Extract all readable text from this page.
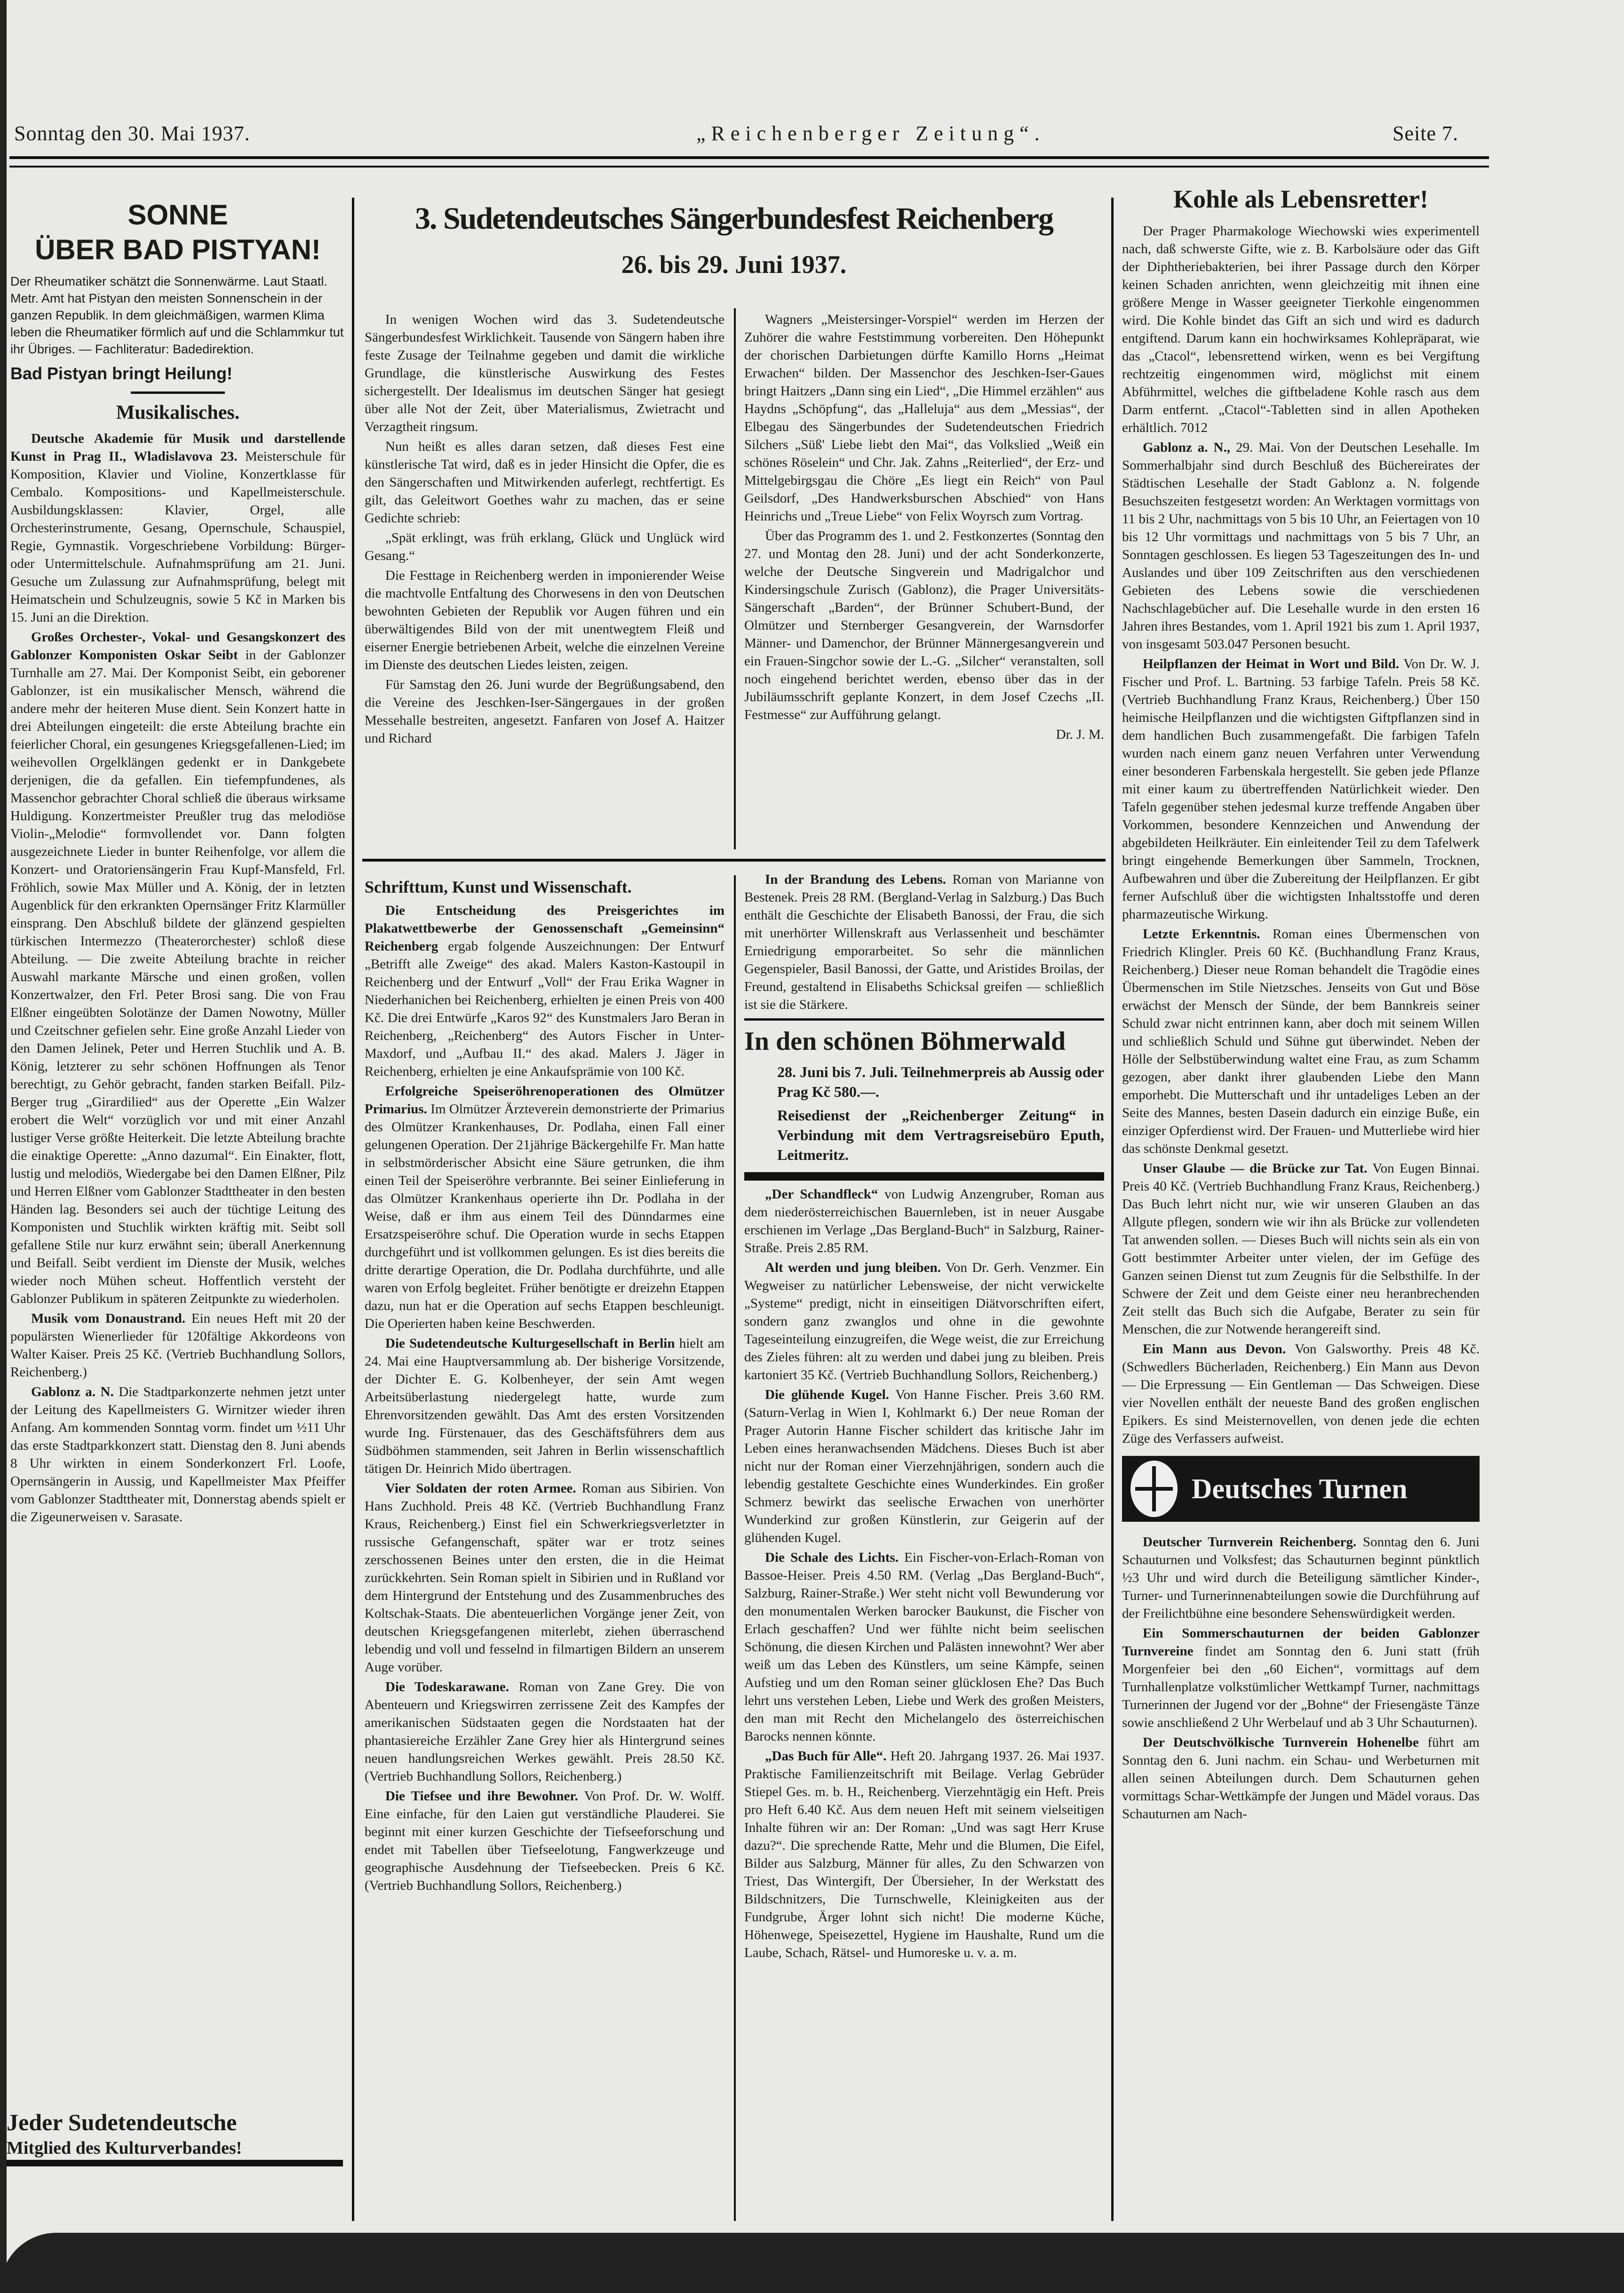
Sonntag den 30. Mai 1937.	„Reichenberger Zeitung“.	Seite 7.
SONNE
ÜBER BAD PISTYAN!
Der Rheumatiker schätzt die Sonnenwärme. Laut Staatl. Metr. Amt hat Pistyan den meisten Sonnenschein in der ganzen Republik. In dem gleichmäßigen, warmen Klima leben die Rheumatiker förmlich auf und die Schlammkur tut ihr Übriges. — Fachliteratur: Badedirektion.
Bad Pistyan bringt Heilung!
Musikalisches.

Deutsche Akademie für Musik und darstellende Kunst in Prag II., Wladislavova 23. Meisterschule für Komposition, Klavier und Violine, Konzertklasse für Cembalo. Kompositions- und Kapellmeisterschule. Ausbildungsklassen: Klavier, Orgel, alle Orchesterinstrumente, Gesang, Opernschule, Schauspiel, Regie, Gymnastik. Vorgeschriebene Vorbildung: Bürger- oder Untermittelschule. Aufnahmsprüfung am 21. Juni. Gesuche um Zulassung zur Aufnahmsprüfung, belegt mit Heimatschein und Schulzeugnis, sowie 5 Kč in Marken bis 15. Juni an die Direktion.

Großes Orchester-, Vokal- und Gesangskonzert des Gablonzer Komponisten Oskar Seibt in der Gablonzer Turnhalle am 27. Mai. Der Komponist Seibt, ein geborener Gablonzer, ist ein musikalischer Mensch, während die andere mehr der heiteren Muse dient. Sein Konzert hatte in drei Abteilungen eingeteilt: die erste Abteilung brachte ein feierlicher Choral, ein gesungenes Kriegsgefallenen-Lied; im weihevollen Orgelklängen gedenkt er in Dankgebete derjenigen, die da gefallen. Ein tiefempfundenes, als Massenchor gebrachter Choral schließ die überaus wirksame Huldigung. Konzertmeister Preußler trug das melodiöse Violin-„Melodie“ formvollendet vor. Dann folgten ausgezeichnete Lieder in bunter Reihenfolge, vor allem die Konzert- und Oratoriensängerin Frau Kupf-Mansfeld, Frl. Fröhlich, sowie Max Müller und A. König, der in letzten Augenblick für den erkrankten Opernsänger Fritz Klarmüller einsprang. Den Abschluß bildete der glänzend gespielten türkischen Intermezzo (Theaterorchester) schloß diese Abteilung. — Die zweite Abteilung brachte in reicher Auswahl markante Märsche und einen großen, vollen Konzertwalzer, den Frl. Peter Brosi sang. Die von Frau Elßner eingeübten Solotänze der Damen Nowotny, Müller und Czeitschner gefielen sehr. Eine große Anzahl Lieder von den Damen Jelinek, Peter und Herren Stuchlik und A. B. König, letzterer zu sehr schönen Hoffnungen als Tenor berechtigt, zu Gehör gebracht, fanden starken Beifall. Pilz-Berger trug „Girardilied“ aus der Operette „Ein Walzer erobert die Welt“ vorzüglich vor und mit einer Anzahl lustiger Verse größte Heiterkeit. Die letzte Abteilung brachte die einaktige Operette: „Anno dazumal“. Ein Einakter, flott, lustig und melodiös, Wiedergabe bei den Damen Elßner, Pilz und Herren Elßner vom Gablonzer Stadttheater in den besten Händen lag. Besonders sei auch der tüchtige Leitung des Komponisten und Stuchlik wirkten kräftig mit. Seibt soll gefallene Stile nur kurz erwähnt sein; überall Anerkennung und Beifall. Seibt verdient im Dienste der Musik, welches wieder noch Mühen scheut. Hoffentlich versteht der Gablonzer Publikum in späteren Zeitpunkte zu wiederholen.

Musik vom Donaustrand. Ein neues Heft mit 20 der populärsten Wienerlieder für 120fältige Akkordeons von Walter Kaiser. Preis 25 Kč. (Vertrieb Buchhandlung Sollors, Reichenberg.)

Gablonz a. N. Die Stadtparkonzerte nehmen jetzt unter der Leitung des Kapellmeisters G. Wirnitzer wieder ihren Anfang. Am kommenden Sonntag vorm. findet um ½11 Uhr das erste Stadtparkkonzert statt. Dienstag den 8. Juni abends 8 Uhr wirkten in einem Sonderkonzert Frl. Loofe, Opernsängerin in Aussig, und Kapellmeister Max Pfeiffer vom Gablonzer Stadttheater mit, Donnerstag abends spielt er die Zigeunerweisen v. Sarasate.

Jeder Sudetendeutsche
Mitglied des Kulturverbandes!
3. Sudetendeutsches Sängerbundesfest Reichenberg
26. bis 29. Juni 1937.

In wenigen Wochen wird das 3. Sudetendeutsche Sängerbundesfest Wirklichkeit. Tausende von Sängern haben ihre feste Zusage der Teilnahme gegeben und damit die wirkliche Grundlage, die künstlerische Auswirkung des Festes sichergestellt. Der Idealismus im deutschen Sänger hat gesiegt über alle Not der Zeit, über Materialismus, Zwietracht und Verzagtheit ringsum.

Nun heißt es alles daran setzen, daß dieses Fest eine künstlerische Tat wird, daß es in jeder Hinsicht die Opfer, die es den Sängerschaften und Mitwirkenden auferlegt, rechtfertigt. Es gilt, das Geleitwort Goethes wahr zu machen, das er seine Gedichte schrieb:

„Spät erklingt, was früh erklang, Glück und Unglück wird Gesang.“

Die Festtage in Reichenberg werden in imponierender Weise die machtvolle Entfaltung des Chorwesens in den von Deutschen bewohnten Gebieten der Republik vor Augen führen und ein überwältigendes Bild von der mit unentwegtem Fleiß und eiserner Energie betriebenen Arbeit, welche die einzelnen Vereine im Dienste des deutschen Liedes leisten, zeigen.

Für Samstag den 26. Juni wurde der Begrüßungsabend, den die Vereine des Jeschken-Iser-Sängergaues in der großen Messehalle bestreiten, angesetzt. Fanfaren von Josef A. Haitzer und Richard

Wagners „Meistersinger-Vorspiel“ werden im Herzen der Zuhörer die wahre Feststimmung vorbereiten. Den Höhepunkt der chorischen Darbietungen dürfte Kamillo Horns „Heimat Erwachen“ bilden. Der Massenchor des Jeschken-Iser-Gaues bringt Haitzers „Dann sing ein Lied“, „Die Himmel erzählen“ aus Haydns „Schöpfung“, das „Halleluja“ aus dem „Messias“, der Elbegau des Sängerbundes der Sudetendeutschen Friedrich Silchers „Süß' Liebe liebt den Mai“, das Volkslied „Weiß ein schönes Röselein“ und Chr. Jak. Zahns „Reiterlied“, der Erz- und Mittelgebirgsgau die Chöre „Es liegt ein Reich“ von Paul Geilsdorf, „Des Handwerksburschen Abschied“ von Hans Heinrichs und „Treue Liebe“ von Felix Woyrsch zum Vortrag.

Über das Programm des 1. und 2. Festkonzertes (Sonntag den 27. und Montag den 28. Juni) und der acht Sonderkonzerte, welche der Deutsche Singverein und Madrigalchor und Kindersingschule Zurisch (Gablonz), die Prager Universitäts-Sängerschaft „Barden“, der Brünner Schubert-Bund, der Olmützer und Sternberger Gesangverein, der Warnsdorfer Männer- und Damenchor, der Brünner Männergesangverein und ein Frauen-Singchor sowie der L.-G. „Silcher“ veranstalten, soll noch eingehend berichtet werden, ebenso über das in der Jubiläumsschrift geplante Konzert, in dem Josef Czechs „II. Festmesse“ zur Aufführung gelangt.

Dr. J. M.

Schrifttum, Kunst und Wissenschaft.

Die Entscheidung des Preisgerichtes im Plakatwettbewerbe der Genossenschaft „Gemeinsinn“ Reichenberg ergab folgende Auszeichnungen: Der Entwurf „Betrifft alle Zweige“ des akad. Malers Kaston-Kastoupil in Reichenberg und der Entwurf „Voll“ der Frau Erika Wagner in Niederhanichen bei Reichenberg, erhielten je einen Preis von 400 Kč. Die drei Entwürfe „Karos 92“ des Kunstmalers Jaro Beran in Reichenberg, „Reichenberg“ des Autors Fischer in Unter-Maxdorf, und „Aufbau II.“ des akad. Malers J. Jäger in Reichenberg, erhielten je eine Ankaufsprämie von 100 Kč.

Erfolgreiche Speiseröhrenoperationen des Olmützer Primarius. Im Olmützer Ärzteverein demonstrierte der Primarius des Olmützer Krankenhauses, Dr. Podlaha, einen Fall einer gelungenen Operation. Der 21jährige Bäckergehilfe Fr. Man hatte in selbstmörderischer Absicht eine Säure getrunken, die ihm einen Teil der Speiseröhre verbrannte. Bei seiner Einlieferung in das Olmützer Krankenhaus operierte ihn Dr. Podlaha in der Weise, daß er ihm aus einem Teil des Dünndarmes eine Ersatzspeiseröhre schuf. Die Operation wurde in sechs Etappen durchgeführt und ist vollkommen gelungen. Es ist dies bereits die dritte derartige Operation, die Dr. Podlaha durchführte, und alle waren von Erfolg begleitet. Früher benötigte er dreizehn Etappen dazu, nun hat er die Operation auf sechs Etappen beschleunigt. Die Operierten haben keine Beschwerden.

Die Sudetendeutsche Kulturgesellschaft in Berlin hielt am 24. Mai eine Hauptversammlung ab. Der bisherige Vorsitzende, der Dichter E. G. Kolbenheyer, der sein Amt wegen Arbeitsüberlastung niedergelegt hatte, wurde zum Ehrenvorsitzenden gewählt. Das Amt des ersten Vorsitzenden wurde Ing. Fürstenauer, das des Geschäftsführers dem aus Südböhmen stammenden, seit Jahren in Berlin wissenschaftlich tätigen Dr. Heinrich Mido übertragen.

Vier Soldaten der roten Armee. Roman aus Sibirien. Von Hans Zuchhold. Preis 48 Kč. (Vertrieb Buchhandlung Franz Kraus, Reichenberg.) Einst fiel ein Schwerkriegsverletzter in russische Gefangenschaft, später war er trotz seines zerschossenen Beines unter den ersten, die in die Heimat zurückkehrten. Sein Roman spielt in Sibirien und in Rußland vor dem Hintergrund der Entstehung und des Zusammenbruches des Koltschak-Staats. Die abenteuerlichen Vorgänge jener Zeit, von deutschen Kriegsgefangenen miterlebt, ziehen überraschend lebendig und voll und fesselnd in filmartigen Bildern an unserem Auge vorüber.

Die Todeskarawane. Roman von Zane Grey. Die von Abenteuern und Kriegswirren zerrissene Zeit des Kampfes der amerikanischen Südstaaten gegen die Nordstaaten hat der phantasiereiche Erzähler Zane Grey hier als Hintergrund seines neuen handlungsreichen Werkes gewählt. Preis 28.50 Kč. (Vertrieb Buchhandlung Sollors, Reichenberg.)

Die Tiefsee und ihre Bewohner. Von Prof. Dr. W. Wolff. Eine einfache, für den Laien gut verständliche Plauderei. Sie beginnt mit einer kurzen Geschichte der Tiefseeforschung und endet mit Tabellen über Tiefseelotung, Fangwerkzeuge und geographische Ausdehnung der Tiefseebecken. Preis 6 Kč. (Vertrieb Buchhandlung Sollors, Reichenberg.)

In der Brandung des Lebens. Roman von Marianne von Bestenek. Preis 28 RM. (Bergland-Verlag in Salzburg.) Das Buch enthält die Geschichte der Elisabeth Banossi, der Frau, die sich mit unerhörter Willenskraft aus Verlassenheit und beschämter Erniedrigung emporarbeitet. So sehr die männlichen Gegenspieler, Basil Banossi, der Gatte, und Aristides Broilas, der Freund, gestaltend in Elisabeths Schicksal greifen — schließlich ist sie die Stärkere.

In den schönen Böhmerwald
28. Juni bis 7. Juli. Teilnehmerpreis ab Aussig oder Prag Kč 580.—.
Reisedienst der „Reichenberger Zeitung“ in Verbindung mit dem Vertragsreisebüro Eputh, Leitmeritz.

„Der Schandfleck“ von Ludwig Anzengruber, Roman aus dem niederösterreichischen Bauernleben, ist in neuer Ausgabe erschienen im Verlage „Das Bergland-Buch“ in Salzburg, Rainer-Straße. Preis 2.85 RM.

Alt werden und jung bleiben. Von Dr. Gerh. Venzmer. Ein Wegweiser zu natürlicher Lebensweise, der nicht verwickelte „Systeme“ predigt, nicht in einseitigen Diätvorschriften eifert, sondern ganz zwanglos und ohne in die gewohnte Tageseinteilung einzugreifen, die Wege weist, die zur Erreichung des Zieles führen: alt zu werden und dabei jung zu bleiben. Preis kartoniert 35 Kč. (Vertrieb Buchhandlung Sollors, Reichenberg.)

Die glühende Kugel. Von Hanne Fischer. Preis 3.60 RM. (Saturn-Verlag in Wien I, Kohlmarkt 6.) Der neue Roman der Prager Autorin Hanne Fischer schildert das kritische Jahr im Leben eines heranwachsenden Mädchens. Dieses Buch ist aber nicht nur der Roman einer Vierzehnjährigen, sondern auch die lebendig gestaltete Geschichte eines Wunderkindes. Ein großer Schmerz bewirkt das seelische Erwachen von unerhörter Wunderkind zur großen Künstlerin, zur Geigerin auf der glühenden Kugel.

Die Schale des Lichts. Ein Fischer-von-Erlach-Roman von Bassoe-Heiser. Preis 4.50 RM. (Verlag „Das Bergland-Buch“, Salzburg, Rainer-Straße.) Wer steht nicht voll Bewunderung vor den monumentalen Werken barocker Baukunst, die Fischer von Erlach geschaffen? Und wer fühlte nicht beim seelischen Schönung, die diesen Kirchen und Palästen innewohnt? Wer aber weiß um das Leben des Künstlers, um seine Kämpfe, seinen Aufstieg und um den Roman seiner glücklosen Ehe? Das Buch lehrt uns verstehen Leben, Liebe und Werk des großen Meisters, den man mit Recht den Michelangelo des österreichischen Barocks nennen könnte.

„Das Buch für Alle“. Heft 20. Jahrgang 1937. 26. Mai 1937. Praktische Familienzeitschrift mit Beilage. Verlag Gebrüder Stiepel Ges. m. b. H., Reichenberg. Vierzehntägig ein Heft. Preis pro Heft 6.40 Kč. Aus dem neuen Heft mit seinem vielseitigen Inhalte führen wir an: Der Roman: „Und was sagt Herr Kruse dazu?“. Die sprechende Ratte, Mehr und die Blumen, Die Eifel, Bilder aus Salzburg, Männer für alles, Zu den Schwarzen von Triest, Das Wintergift, Der Übersieher, In der Werkstatt des Bildschnitzers, Die Turnschwelle, Kleinigkeiten aus der Fundgrube, Ärger lohnt sich nicht! Die moderne Küche, Höhenwege, Speisezettel, Hygiene im Haushalte, Rund um die Laube, Schach, Rätsel- und Humoreske u. v. a. m.

Kohle als Lebensretter!

Der Prager Pharmakologe Wiechowski wies experimentell nach, daß schwerste Gifte, wie z. B. Karbolsäure oder das Gift der Diphtheriebakterien, bei ihrer Passage durch den Körper keinen Schaden anrichten, wenn gleichzeitig mit ihnen eine größere Menge in Wasser geeigneter Tierkohle eingenommen wird. Die Kohle bindet das Gift an sich und wird es dadurch entgiftend. Darum kann ein hochwirksames Kohlepräparat, wie das „Ctacol“, lebensrettend wirken, wenn es bei Vergiftung rechtzeitig eingenommen wird, möglichst mit einem Abführmittel, welches die giftbeladene Kohle rasch aus dem Darm entfernt. „Ctacol“-Tabletten sind in allen Apotheken erhältlich. 7012

Gablonz a. N., 29. Mai. Von der Deutschen Lesehalle. Im Sommerhalbjahr sind durch Beschluß des Büchereirates der Städtischen Lesehalle der Stadt Gablonz a. N. folgende Besuchszeiten festgesetzt worden: An Werktagen vormittags von 11 bis 2 Uhr, nachmittags von 5 bis 10 Uhr, an Feiertagen von 10 bis 12 Uhr vormittags und nachmittags von 5 bis 7 Uhr, an Sonntagen geschlossen. Es liegen 53 Tageszeitungen des In- und Auslandes und über 109 Zeitschriften aus den verschiedenen Gebieten des Lebens sowie die verschiedenen Nachschlagebücher auf. Die Lesehalle wurde in den ersten 16 Jahren ihres Bestandes, vom 1. April 1921 bis zum 1. April 1937, von insgesamt 503.047 Personen besucht.

Heilpflanzen der Heimat in Wort und Bild. Von Dr. W. J. Fischer und Prof. L. Bartning. 53 farbige Tafeln. Preis 58 Kč. (Vertrieb Buchhandlung Franz Kraus, Reichenberg.) Über 150 heimische Heilpflanzen und die wichtigsten Giftpflanzen sind in dem handlichen Buch zusammengefaßt. Die farbigen Tafeln wurden nach einem ganz neuen Verfahren unter Verwendung einer besonderen Farbenskala hergestellt. Sie geben jede Pflanze mit einer kaum zu übertreffenden Natürlichkeit wieder. Den Tafeln gegenüber stehen jedesmal kurze treffende Angaben über Vorkommen, besondere Kennzeichen und Anwendung der abgebildeten Heilkräuter. Ein einleitender Teil zu dem Tafelwerk bringt eingehende Bemerkungen über Sammeln, Trocknen, Aufbewahren und über die Zubereitung der Heilpflanzen. Er gibt ferner Aufschluß über die wichtigsten Inhaltsstoffe und deren pharmazeutische Wirkung.

Letzte Erkenntnis. Roman eines Übermenschen von Friedrich Klingler. Preis 60 Kč. (Buchhandlung Franz Kraus, Reichenberg.) Dieser neue Roman behandelt die Tragödie eines Übermenschen im Stile Nietzsches. Jenseits von Gut und Böse erwächst der Mensch der Sünde, der bem Bannkreis seiner Schuld zwar nicht entrinnen kann, aber doch mit seinem Willen und schließlich Schuld und Sühne gut überwindet. Neben der Hölle der Selbstüberwindung waltet eine Frau, as zum Schamm gezogen, aber dankt ihrer glaubenden Liebe den Mann emporhebt. Die Mutterschaft und ihr untadeliges Leben an der Seite des Mannes, besten Dasein dadurch ein einzige Buße, ein einziger Opferdienst wird. Der Frauen- und Mutterliebe wird hier das schönste Denkmal gesetzt.

Unser Glaube — die Brücke zur Tat. Von Eugen Binnai. Preis 40 Kč. (Vertrieb Buchhandlung Franz Kraus, Reichenberg.) Das Buch lehrt nicht nur, wie wir unseren Glauben an das Allgute pflegen, sondern wie wir ihn als Brücke zur vollendeten Tat anwenden sollen. — Dieses Buch will nichts sein als ein von Gott bestimmter Arbeiter unter vielen, der im Gefüge des Ganzen seinen Dienst tut zum Zeugnis für die Selbsthilfe. In der Schwere der Zeit und dem Geiste einer neu heranbrechenden Zeit stellt das Buch sich die Aufgabe, Berater zu sein für Menschen, die zur Notwende herangereift sind.

Ein Mann aus Devon. Von Galsworthy. Preis 48 Kč. (Schwedlers Bücherladen, Reichenberg.) Ein Mann aus Devon — Die Erpressung — Ein Gentleman — Das Schweigen. Diese vier Novellen enthält der neueste Band des großen englischen Epikers. Es sind Meisternovellen, von denen jede die echten Züge des Verfassers aufweist.

Deutsches Turnen

Deutscher Turnverein Reichenberg. Sonntag den 6. Juni Schauturnen und Volksfest; das Schauturnen beginnt pünktlich ½3 Uhr und wird durch die Beteiligung sämtlicher Kinder-, Turner- und Turnerinnenabteilungen sowie die Durchführung auf der Freilichtbühne eine besondere Sehenswürdigkeit werden.

Ein Sommerschauturnen der beiden Gablonzer Turnvereine findet am Sonntag den 6. Juni statt (früh Morgenfeier bei den „60 Eichen“, vormittags auf dem Turnhallenplatze volkstümlicher Wettkampf Turner, nachmittags Turnerinnen der Jugend vor der „Bohne“ der Friesengäste Tänze sowie anschließend 2 Uhr Werbelauf und ab 3 Uhr Schauturnen).

Der Deutschvölkische Turnverein Hohenelbe führt am Sonntag den 6. Juni nachm. ein Schau- und Werbeturnen mit allen seinen Abteilungen durch. Dem Schauturnen gehen vormittags Schar-Wettkämpfe der Jungen und Mädel voraus. Das Schauturnen am Nach-
